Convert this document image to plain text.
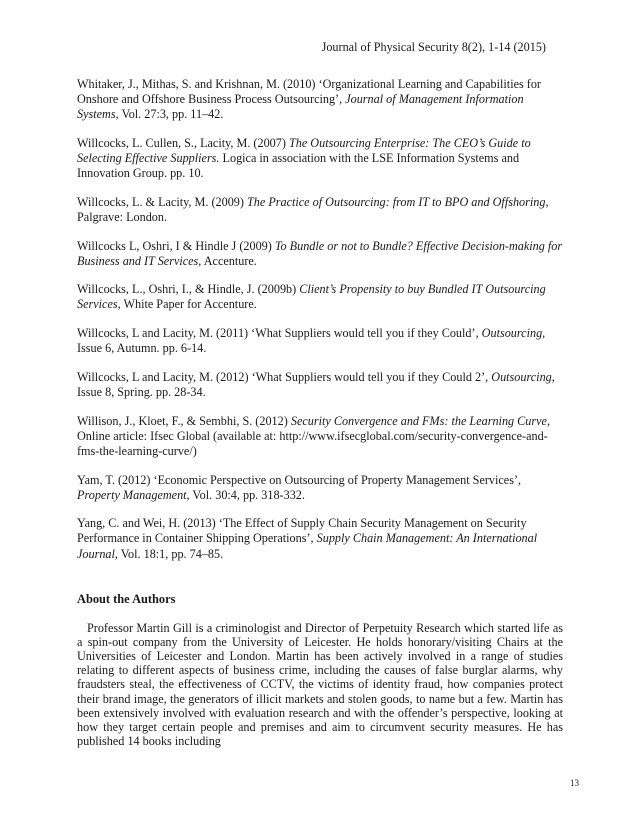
Journal of Physical Security 8(2), 1-14 (2015)

Whitaker, J., Mithas, S. and Krishnan, M. (2010) ‘Organizational Learning and Capabilities for Onshore and Offshore Business Process Outsourcing’, Journal of Management Information Systems, Vol. 27:3, pp. 11–42.

Willcocks, L. Cullen, S., Lacity, M. (2007) The Outsourcing Enterprise: The CEO’s Guide to Selecting Effective Suppliers. Logica in association with the LSE Information Systems and Innovation Group. pp. 10.

Willcocks, L. & Lacity, M. (2009) The Practice of Outsourcing: from IT to BPO and Offshoring, Palgrave: London.

Willcocks L, Oshri, I & Hindle J (2009) To Bundle or not to Bundle? Effective Decision-making for Business and IT Services, Accenture.

Willcocks, L., Oshri, I., & Hindle, J. (2009b) Client’s Propensity to buy Bundled IT Outsourcing Services, White Paper for Accenture.

Willcocks, L and Lacity, M. (2011) ‘What Suppliers would tell you if they Could’, Outsourcing, Issue 6, Autumn. pp. 6-14.

Willcocks, L and Lacity, M. (2012) ‘What Suppliers would tell you if they Could 2’, Outsourcing, Issue 8, Spring. pp. 28-34.

Willison, J., Kloet, F., & Sembhi, S. (2012) Security Convergence and FMs: the Learning Curve, Online article: Ifsec Global (available at: http://www.ifsecglobal.com/security-convergence-and-fms-the-learning-curve/)

Yam, T. (2012) ‘Economic Perspective on Outsourcing of Property Management Services’, Property Management, Vol. 30:4, pp. 318-332.

Yang, C. and Wei, H. (2013) ‘The Effect of Supply Chain Security Management on Security Performance in Container Shipping Operations’, Supply Chain Management: An International Journal, Vol. 18:1, pp. 74–85.

About the Authors

Professor Martin Gill is a criminologist and Director of Perpetuity Research which started life as a spin-out company from the University of Leicester. He holds honorary/visiting Chairs at the Universities of Leicester and London. Martin has been actively involved in a range of studies relating to different aspects of business crime, including the causes of false burglar alarms, why fraudsters steal, the effectiveness of CCTV, the victims of identity fraud, how companies protect their brand image, the generators of illicit markets and stolen goods, to name but a few. Martin has been extensively involved with evaluation research and with the offender’s perspective, looking at how they target certain people and premises and aim to circumvent security measures. He has published 14 books including

13
